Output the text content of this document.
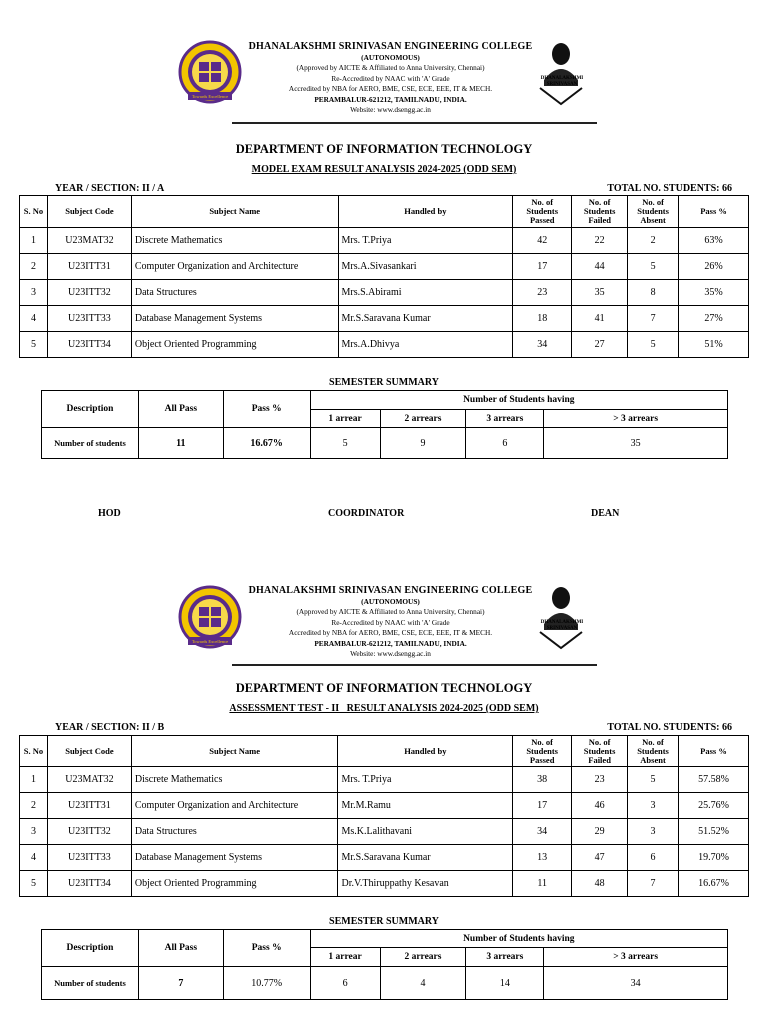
Towards Excellence
DHANALAKSHMI SRINIVASAN ENGINEERING COLLEGE
(AUTONOMOUS)
(Approved by AICTE & Affiliated to Anna University, Chennai)
Re-Accredited by NAAC with 'A' Grade
Accredited by NBA for AERO, BME, CSE, ECE, EEE, IT & MECH.
PERAMBALUR-621212, TAMILNADU, INDIA.
Website: www.dsengg.ac.in
DHANALAKSHMI SRINIVASAN
DEPARTMENT OF INFORMATION TECHNOLOGY
MODEL EXAM RESULT ANALYSIS 2024-2025 (ODD SEM)
YEAR / SECTION: II / A	TOTAL NO. STUDENTS: 66
S. No	Subject Code	Subject Name	Handled by	No. of Students Passed	No. of Students Failed	No. of Students Absent	Pass %
1	U23MAT32	Discrete Mathematics	Mrs. T.Priya	42	22	2	63%
2	U23ITT31	Computer Organization and Architecture	Mrs.A.Sivasankari	17	44	5	26%
3	U23ITT32	Data Structures	Mrs.S.Abirami	23	35	8	35%
4	U23ITT33	Database Management Systems	Mr.S.Saravana Kumar	18	41	7	27%
5	U23ITT34	Object Oriented Programming	Mrs.A.Dhivya	34	27	5	51%
SEMESTER SUMMARY
Description	All Pass	Pass %	Number of Students having			
			1 arrear	2 arrears	3 arrears	> 3 arrears
Number of students	11	16.67%	5	9	6	35
HOD	COORDINATOR	DEAN
Towards Excellence
DHANALAKSHMI SRINIVASAN ENGINEERING COLLEGE
(AUTONOMOUS)
(Approved by AICTE & Affiliated to Anna University, Chennai)
Re-Accredited by NAAC with 'A' Grade
Accredited by NBA for AERO, BME, CSE, ECE, EEE, IT & MECH.
PERAMBALUR-621212, TAMILNADU, INDIA.
Website: www.dsengg.ac.in
DHANALAKSHMI SRINIVASAN
DEPARTMENT OF INFORMATION TECHNOLOGY
ASSESSMENT TEST - II   RESULT ANALYSIS 2024-2025 (ODD SEM)
YEAR / SECTION: II / B	TOTAL NO. STUDENTS: 66
S. No	Subject Code	Subject Name	Handled by	No. of Students Passed	No. of Students Failed	No. of Students Absent	Pass %
1	U23MAT32	Discrete Mathematics	Mrs. T.Priya	38	23	5	57.58%
2	U23ITT31	Computer Organization and Architecture	Mr.M.Ramu	17	46	3	25.76%
3	U23ITT32	Data Structures	Ms.K.Lalithavani	34	29	3	51.52%
4	U23ITT33	Database Management Systems	Mr.S.Saravana Kumar	13	47	6	19.70%
5	U23ITT34	Object Oriented Programming	Dr.V.Thiruppathy Kesavan	11	48	7	16.67%
SEMESTER SUMMARY
Description	All Pass	Pass %	Number of Students having			
			1 arrear	2 arrears	3 arrears	> 3 arrears
Number of students	7	10.77%	6	4	14	34
